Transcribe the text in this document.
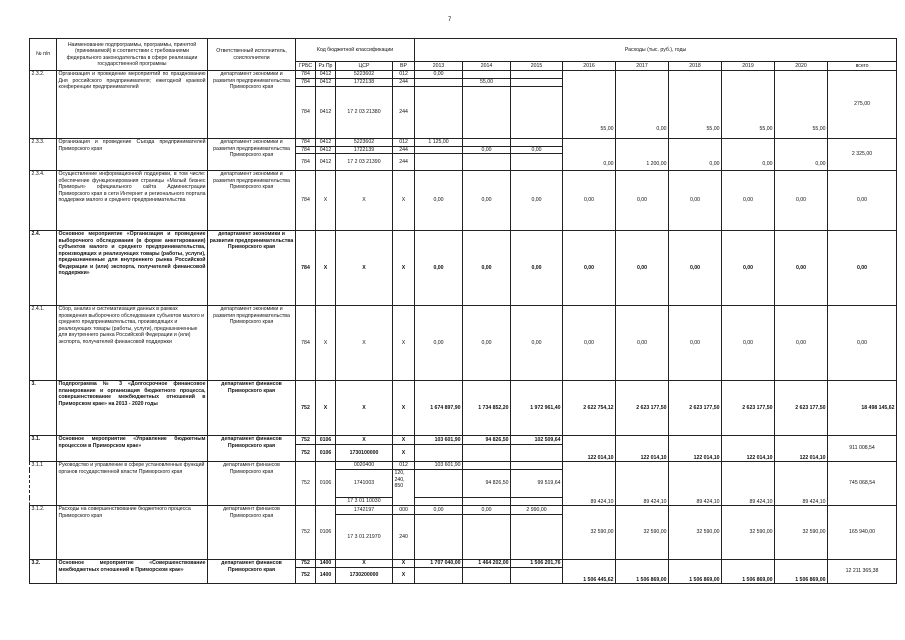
7
№ п/п	Наименование подпрограммы, программы, принятой (принимаемой) в соответствии с требованиями федерального законодательства в сфере реализации государственной программы	Ответственный исполнитель, соисполнители	Код бюджетной классификации				Расходы (тыс. руб.), годы								
			ГРБС	Рз Пр	ЦСР	ВР	2013	2014	2015	2016	2017	2018	2019	2020	всего
2.3.2.	Организация и проведение мероприятий по празднованию Дня российского предпринимателя; ежегодной краевой конференции предпринимателей	департамент экономики и развития предпринимательства Приморского края	784	0412	5223602	012	0,00			55,00	0,00	55,00	55,00	55,00	275,00
			784	0412	1722138	244		55,00							
			784	0412	17 2 03 21380	244									
2.3.3.	Организация и проведение Съезда предпринимателей Приморского края	департамент экономики и развития предпринимательства Приморского края	784	0412	5223602	012	1 125,00			0,00	1 200,00	0,00	0,00	0,00	2 325,00
			784	0412	1722139	244		0,00	0,00						
			784	0412	17 2 03 21390	244									
2.3.4.	Осуществление информационной поддержки, в том числе: обеспечение функционирования страницы «Малый бизнес Приморья» официального сайта Администрации Приморского края в сети Интернет и регионального портала поддержки малого и среднего предпринимательства	департамент экономики и развития предпринимательства Приморского края	784	X	X	X	0,00	0,00	0,00	0,00	0,00	0,00	0,00	0,00	0,00
2.4.	Основное мероприятие «Организация и проведение выборочного обследования (в форме анкетирования) субъектов малого и среднего предпринимательства, производящих и реализующих товары (работы, услуги), предназначенные для внутреннего рынка Российской Федерации и (или) экспорта, получателей финансовой поддержки»	департамент экономики и развития предпринимательства Приморского края	784	X	X	X	0,00	0,00	0,00	0,00	0,00	0,00	0,00	0,00	0,00
2.4.1.	Сбор, анализ и систематизация данных в рамках проведения выборочного обследования субъектов малого и среднего предпринимательства, производящих и реализующих товары (работы, услуги), предназначенные для внутреннего рынка Российской Федерации и (или) экспорта, получателей финансовой поддержки	департамент экономики и развития предпринимательства Приморского края	784	X	X	X	0,00	0,00	0,00	0,00	0,00	0,00	0,00	0,00	0,00
3.	Подпрограмма № 3 «Долгосрочное финансовое планирование и организация бюджетного процесса, совершенствование межбюджетных отношений в Приморском крае» на 2013 - 2020 годы	департамент финансов Приморского края	752	X	X	X	1 674 897,90	1 734 852,20	1 972 961,40	2 622 754,12	2 623 177,50	2 623 177,50	2 623 177,50	2 623 177,50	18 498 145,62
3.1.	Основное мероприятие «Управление бюджетным процессом в Приморском крае»	департамент финансов Приморского края	752	0106	X	X	103 601,90	94 826,50	102 509,64	122 014,10	122 014,10	122 014,10	122 014,10	122 014,10	911 008,54
			752	0106	1730100000	X									
3.1.1	Руководство и управление в сфере установленных функций органов государственной власти Приморского края	департамент финансов Приморского края	752	0106	0020400	012	103 601,90			89 424,10	89 424,10	89 424,10	89 424,10	89 424,10	745 068,54
					1741003	120, 240, 850		94 826,50	99 519,64						
					17 3 01 10030										
3.1.2.	Расходы на совершенствование бюджетного процесса Приморского края	департамент финансов Приморского края	752	0106	1742197	000	0,00	0,00	2 990,00	32 590,00	32 590,00	32 590,00	32 590,00	32 590,00	165 940,00
					17 3 01 21970	240									
3.2.	Основное мероприятие «Совершенствование межбюджетных отношений в Приморском крае»	департамент финансов Приморского края	752	1400	X	X	1 707 040,00	1 464 202,00	1 506 201,76	1 506 445,62	1 506 869,00	1 506 869,00	1 506 869,00	1 506 869,00	12 211 365,38
			752	1400	1730200000	X									
